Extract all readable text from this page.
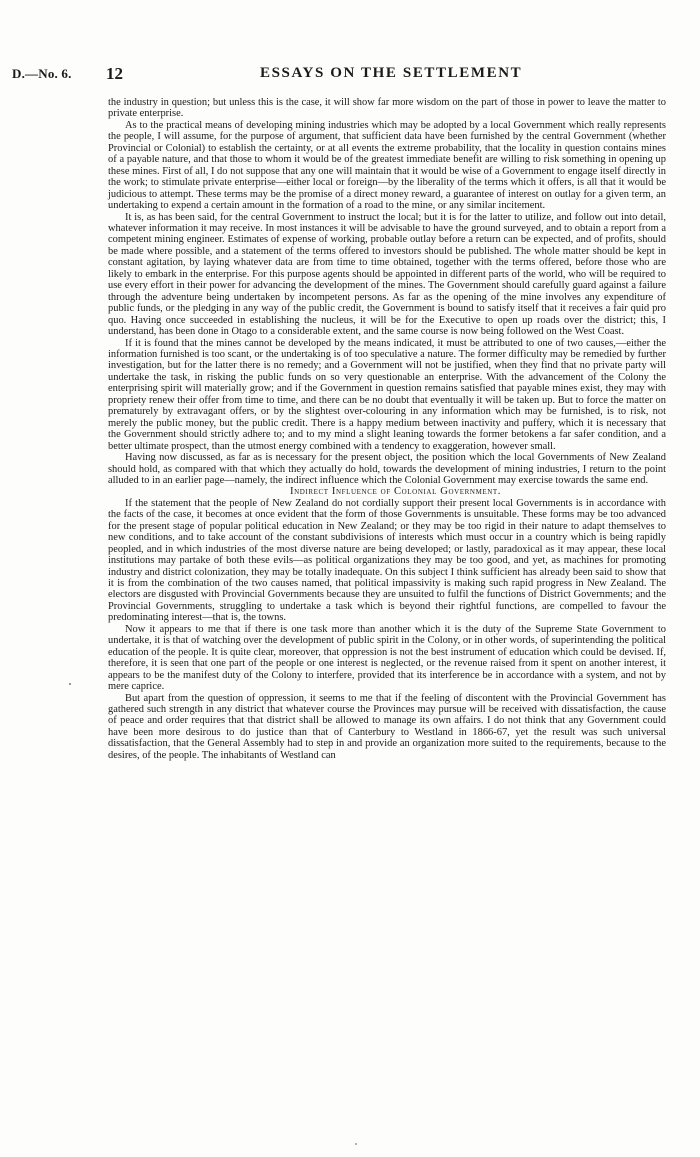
D.—No. 6. 12	ESSAYS ON THE SETTLEMENT

the industry in question; but unless this is the case, it will show far more wisdom on the part of those in power to leave the matter to private enterprise.

As to the practical means of developing mining industries which may be adopted by a local Government which really represents the people, I will assume, for the purpose of argument, that sufficient data have been furnished by the central Government (whether Provincial or Colonial) to establish the certainty, or at all events the extreme probability, that the locality in question contains mines of a payable nature, and that those to whom it would be of the greatest immediate benefit are willing to risk something in opening up these mines. First of all, I do not suppose that any one will maintain that it would be wise of a Government to engage itself directly in the work; to stimulate private enterprise—either local or foreign—by the liberality of the terms which it offers, is all that it would be judicious to attempt. These terms may be the promise of a direct money reward, a guarantee of interest on outlay for a given term, an undertaking to expend a certain amount in the formation of a road to the mine, or any similar incitement.

It is, as has been said, for the central Government to instruct the local; but it is for the latter to utilize, and follow out into detail, whatever information it may receive. In most instances it will be advisable to have the ground surveyed, and to obtain a report from a competent mining engineer. Estimates of expense of working, probable outlay before a return can be expected, and of profits, should be made where possible, and a statement of the terms offered to investors should be published. The whole matter should be kept in constant agitation, by laying whatever data are from time to time obtained, together with the terms offered, before those who are likely to embark in the enterprise. For this purpose agents should be appointed in different parts of the world, who will be required to use every effort in their power for advancing the development of the mines. The Government should carefully guard against a failure through the adventure being undertaken by incompetent persons. As far as the opening of the mine involves any expenditure of public funds, or the pledging in any way of the public credit, the Government is bound to satisfy itself that it receives a fair quid pro quo. Having once succeeded in establishing the nucleus, it will be for the Executive to open up roads over the district; this, I understand, has been done in Otago to a considerable extent, and the same course is now being followed on the West Coast.

If it is found that the mines cannot be developed by the means indicated, it must be attributed to one of two causes,—either the information furnished is too scant, or the undertaking is of too speculative a nature. The former difficulty may be remedied by further investigation, but for the latter there is no remedy; and a Government will not be justified, when they find that no private party will undertake the task, in risking the public funds on so very questionable an enterprise. With the advancement of the Colony the enterprising spirit will materially grow; and if the Government in question remains satisfied that payable mines exist, they may with propriety renew their offer from time to time, and there can be no doubt that eventually it will be taken up. But to force the matter on prematurely by extravagant offers, or by the slightest over-colouring in any information which may be furnished, is to risk, not merely the public money, but the public credit. There is a happy medium between inactivity and puffery, which it is necessary that the Government should strictly adhere to; and to my mind a slight leaning towards the former betokens a far safer condition, and a better ultimate prospect, than the utmost energy combined with a tendency to exaggeration, however small.

Having now discussed, as far as is necessary for the present object, the position which the local Governments of New Zealand should hold, as compared with that which they actually do hold, towards the development of mining industries, I return to the point alluded to in an earlier page—namely, the indirect influence which the Colonial Government may exercise towards the same end.

Indirect Influence of Colonial Government.

If the statement that the people of New Zealand do not cordially support their present local Governments is in accordance with the facts of the case, it becomes at once evident that the form of those Governments is unsuitable. These forms may be too advanced for the present stage of popular political education in New Zealand; or they may be too rigid in their nature to adapt themselves to new conditions, and to take account of the constant subdivisions of interests which must occur in a country which is being rapidly peopled, and in which industries of the most diverse nature are being developed; or lastly, paradoxical as it may appear, these local institutions may partake of both these evils—as political organizations they may be too good, and yet, as machines for promoting industry and district colonization, they may be totally inadequate. On this subject I think sufficient has already been said to show that it is from the combination of the two causes named, that political impassivity is making such rapid progress in New Zealand. The electors are disgusted with Provincial Governments because they are unsuited to fulfil the functions of District Governments; and the Provincial Governments, struggling to undertake a task which is beyond their rightful functions, are compelled to favour the predominating interest—that is, the towns.

Now it appears to me that if there is one task more than another which it is the duty of the Supreme State Government to undertake, it is that of watching over the development of public spirit in the Colony, or in other words, of superintending the political education of the people. It is quite clear, moreover, that oppression is not the best instrument of education which could be devised. If, therefore, it is seen that one part of the people or one interest is neglected, or the revenue raised from it spent on another interest, it appears to be the manifest duty of the Colony to interfere, provided that its interference be in accordance with a system, and not by mere caprice.

But apart from the question of oppression, it seems to me that if the feeling of discontent with the Provincial Government has gathered such strength in any district that whatever course the Provinces may pursue will be received with dissatisfaction, the cause of peace and order requires that that district shall be allowed to manage its own affairs. I do not think that any Government could have been more desirous to do justice than that of Canterbury to Westland in 1866-67, yet the result was such universal dissatisfaction, that the General Assembly had to step in and provide an organization more suited to the requirements, because to the desires, of the people. The inhabitants of Westland can
